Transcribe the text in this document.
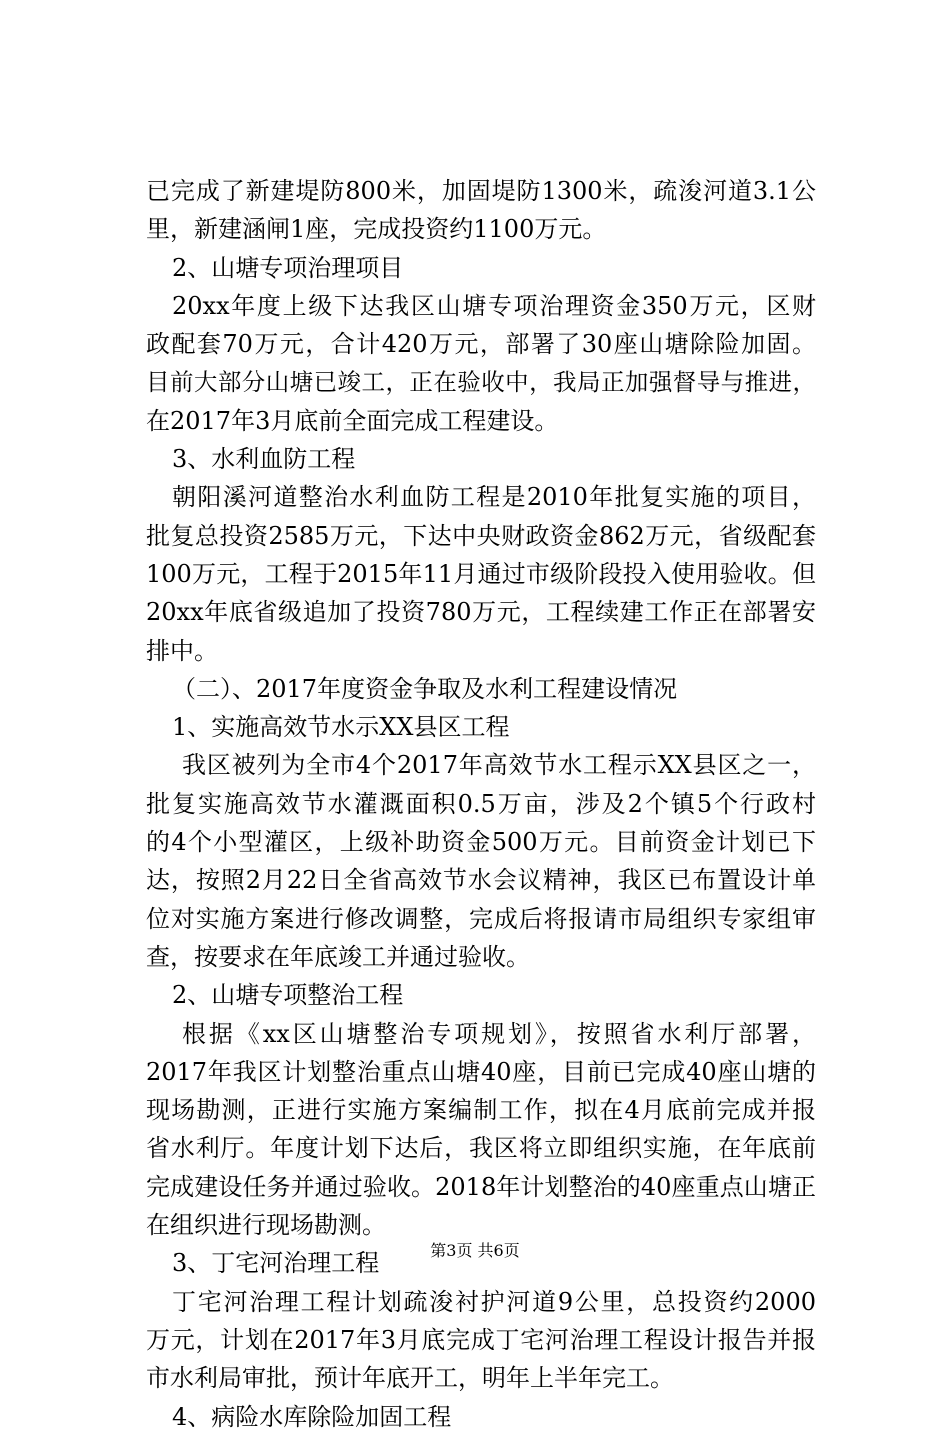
已完成了新建堤防800米，加固堤防1300米，疏浚河道3.1公
里，新建涵闸1座，完成投资约1100万元。
2、山塘专项治理项目
20xx年度上级下达我区山塘专项治理资金350万元，区财
政配套70万元，合计420万元，部署了30座山塘除险加固。
目前大部分山塘已竣工，正在验收中，我局正加强督导与推进，
在2017年3月底前全面完成工程建设。
3、水利血防工程
朝阳溪河道整治水利血防工程是2010年批复实施的项目，
批复总投资2585万元，下达中央财政资金862万元，省级配套
100万元，工程于2015年11月通过市级阶段投入使用验收。但
20xx年底省级追加了投资780万元，工程续建工作正在部署安
排中。
（二）、2017年度资金争取及水利工程建设情况
1、实施高效节水示XX县区工程
我区被列为全市4个2017年高效节水工程示XX县区之一，
批复实施高效节水灌溉面积0.5万亩，涉及2个镇5个行政村
的4个小型灌区，上级补助资金500万元。目前资金计划已下
达，按照2月22日全省高效节水会议精神，我区已布置设计单
位对实施方案进行修改调整，完成后将报请市局组织专家组审
查，按要求在年底竣工并通过验收。
2、山塘专项整治工程
根据《xx区山塘整治专项规划》，按照省水利厅部署，
2017年我区计划整治重点山塘40座，目前已完成40座山塘的
现场勘测，正进行实施方案编制工作，拟在4月底前完成并报
省水利厅。年度计划下达后，我区将立即组织实施，在年底前
完成建设任务并通过验收。2018年计划整治的40座重点山塘正
在组织进行现场勘测。
3、丁宅河治理工程
丁宅河治理工程计划疏浚衬护河道9公里，总投资约2000
万元，计划在2017年3月底完成丁宅河治理工程设计报告并报
市水利局审批，预计年底开工，明年上半年完工。
4、病险水库除险加固工程
第3页 共6页
